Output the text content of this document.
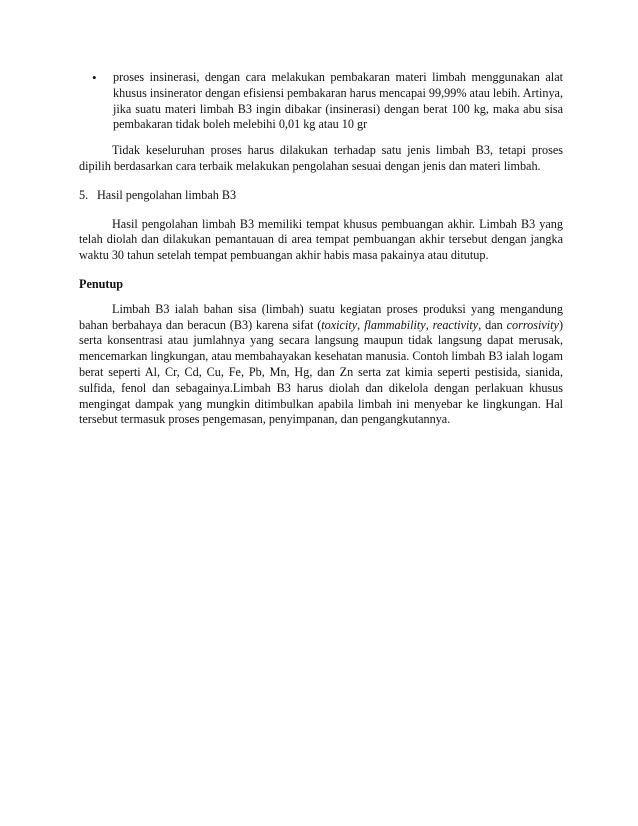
• proses insinerasi, dengan cara melakukan pembakaran materi limbah menggunakan alat khusus insinerator dengan efisiensi pembakaran harus mencapai 99,99% atau lebih. Artinya, jika suatu materi limbah B3 ingin dibakar (insinerasi) dengan berat 100 kg, maka abu sisa pembakaran tidak boleh melebihi 0,01 kg atau 10 gr

Tidak keseluruhan proses harus dilakukan terhadap satu jenis limbah B3, tetapi proses dipilih berdasarkan cara terbaik melakukan pengolahan sesuai dengan jenis dan materi limbah.

5. Hasil pengolahan limbah B3

Hasil pengolahan limbah B3 memiliki tempat khusus pembuangan akhir. Limbah B3 yang telah diolah dan dilakukan pemantauan di area tempat pembuangan akhir tersebut dengan jangka waktu 30 tahun setelah tempat pembuangan akhir habis masa pakainya atau ditutup.

Penutup

Limbah B3 ialah bahan sisa (limbah) suatu kegiatan proses produksi yang mengandung bahan berbahaya dan beracun (B3) karena sifat (toxicity, flammability, reactivity, dan corrosivity) serta konsentrasi atau jumlahnya yang secara langsung maupun tidak langsung dapat merusak, mencemarkan lingkungan, atau membahayakan kesehatan manusia. Contoh limbah B3 ialah logam berat seperti Al, Cr, Cd, Cu, Fe, Pb, Mn, Hg, dan Zn serta zat kimia seperti pestisida, sianida, sulfida, fenol dan sebagainya.Limbah B3 harus diolah dan dikelola dengan perlakuan khusus mengingat dampak yang mungkin ditimbulkan apabila limbah ini menyebar ke lingkungan. Hal tersebut termasuk proses pengemasan, penyimpanan, dan pengangkutannya.
